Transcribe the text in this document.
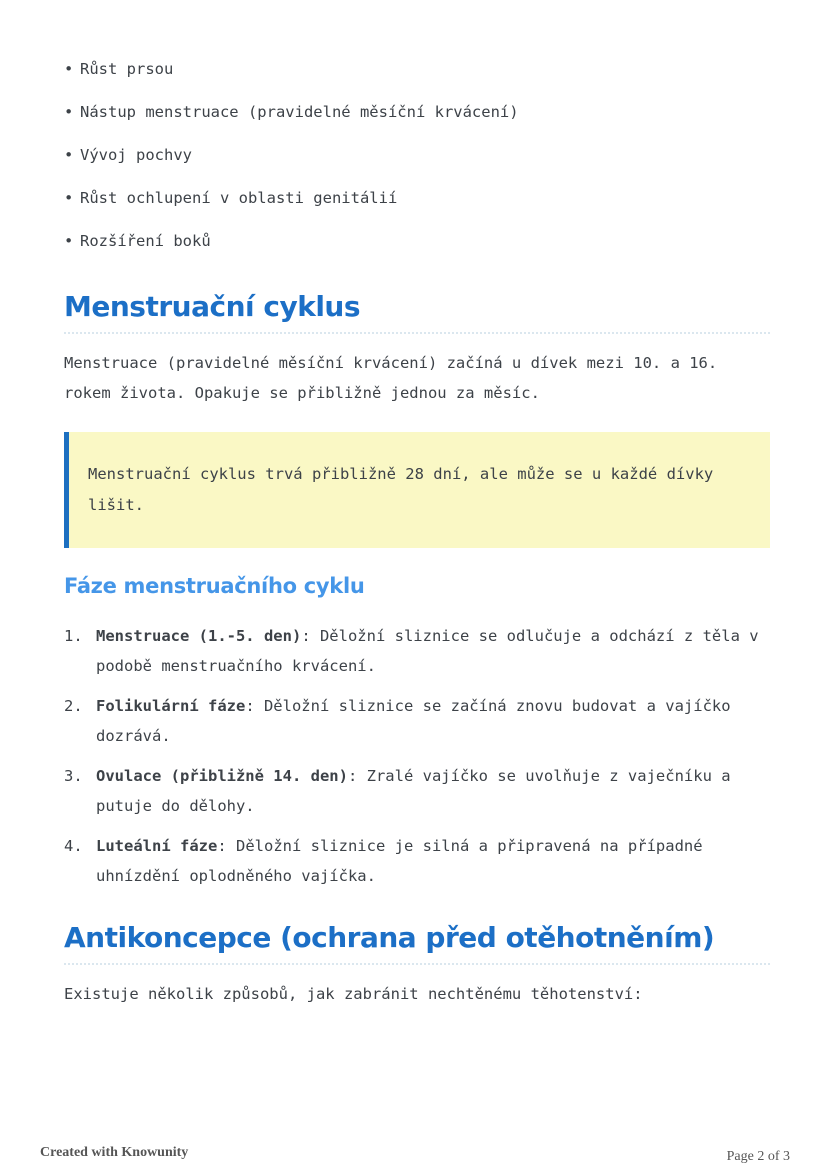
• Růst prsou
• Nástup menstruace (pravidelné měsíční krvácení)
• Vývoj pochvy
• Růst ochlupení v oblasti genitálií
• Rozšíření boků
Menstruační cyklus

Menstruace (pravidelné měsíční krvácení) začíná u dívek mezi 10. a 16. rokem života. Opakuje se přibližně jednou za měsíc.

Menstruační cyklus trvá přibližně 28 dní, ale může se u každé dívky lišit.
Fáze menstruačního cyklu
1. Menstruace (1.-5. den): Děložní sliznice se odlučuje a odchází z těla v podobě menstruačního krvácení.
2. Folikulární fáze: Děložní sliznice se začíná znovu budovat a vajíčko dozrává.
3. Ovulace (přibližně 14. den): Zralé vajíčko se uvolňuje z vaječníku a putuje do dělohy.
4. Luteální fáze: Děložní sliznice je silná a připravená na případné uhnízdění oplodněného vajíčka.
Antikoncepce (ochrana před otěhotněním)

Existuje několik způsobů, jak zabránit nechtěnému těhotenství:

Created with Knowunity	Page 2 of 3
